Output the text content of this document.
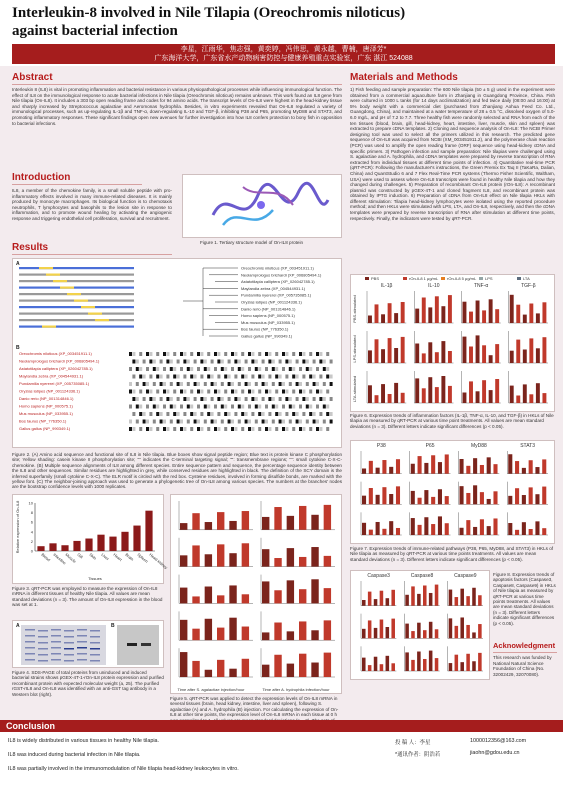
Interleukin-8 involved in Nile Tilapia (Oreochromis niloticus)
against bacterial infection
李星，江雨华，焦志强，黄奕婷，冯伟思，黄永越，曹楠，唐泽芳*
广东海洋大学，广东省水产动物病害防控与健康养殖重点实验室，广东 湛江 524088
Abstract
Interleukin 8 (IL8) is vital in promoting inflammation and bacterial resistance in various physiopathological processes while influencing immunological function. The effect of IL8 on the immunological response to acute bacterial infections in Nile tilapia (Oreochromis niloticus) remains unknown. This work found an IL8 gene from Nile tilapia (On-IL8). It includes a 303 bp open reading frame and codes for 94 amino acids. The transcript levels of On-IL8 were highest in the head-kidney tissue and sharply increased by Streptococcus agalactiae and Aeromonas hydrophila. Besides, in vitro experiments revealed that On-IL8 regulated a variety of immunological processes, such as up-regulating IL-1β and TNF-α, down-regulating IL-10 and TGF-β, inhibiting P38 and P65, promoting MyD88 and STAT3, and promoting inflammatory responses. These significant findings open new avenues for further investigation into how IL8 confers protection to bony fish in opposition to bacterial infections.
Introduction
IL8, a member of the chemokine family, is a small soluble peptide with pro-inflammatory effects involved in many immune-related diseases. It is mainly produced by monocyte macrophages. Its biological function is to chemotaxis neutrophils, T lymphocytes and basophils to the lesion site in response to inflammation, and to promote wound healing by activating the angiogenic response and triggering endothelial cell proliferation, survival and recruitment.
Figure 1. Tertiary structure model of On-IL8 protein
Results
A
Oreochromis niloticus (XP_003451911.1)
Neolamprologus brichardi (XP_006805494.1)
Astatotilapia calliptera (XP_026042785.1)
Maylandia zebra (XP_004544931.1)
Pundamilia nyererei (XP_005735085.1)
Oryzias latipes (NP_001124336.1)
Danio rerio (NP_001314846.1)
Homo sapiens (NP_000575.1)
Mus musculus (NP_033955.1)
Bos taurus (NP_776350.1)
Gallus gallus (NP_990349.1)
B
Oreochromis niloticus (XP_003451911.1)
Neolamprologus brichardi (XP_006805494.1)
Astatotilapia calliptera (XP_026042785.1)
Maylandia zebra (XP_004544931.1)
Pundamilia nyererei (XP_005735085.1)
Oryzias latipes (NP_001124336.1)
Danio rerio (NP_001314846.1)
Homo sapiens (NP_000575.1)
Mus musculus (NP_033955.1)
Bos taurus (NP_776350.1)
Gallus gallus (NP_990349.1)
Figure 2. (A) Amino acid sequence and functional site of IL8 in Nile tilapia. Blue boxes show signal peptide region; Blue text is protein kinase C phosphorylation site; Yellow shading: casein kinase II phosphorylation site; "" indicates the C-terminal targeting signal; "": transmembrane regions; "": small cytokine C-X-C-chemokine. (B) Multiple sequence alignments of IL8 among different species. Entire sequence pattern and sequence, the percentage sequence identity between the IL8 and other sequences. Similar residues are highlighted in grey, while conserved residues are highlighted in black. The definition of the SCY domain is the inferred superfamily (small cytokine C-X-C). The ELR motif is circled with the red box. Cysteine residues, involved in forming disulfide bonds, are marked with the yellow font. (C) The neighbor-joining approach was used to generate a phylogenetic tree of On-IL8 among various species. The numbers at the branches' nodes are the bootstrap confidence levels with 1000 replicates.
0
2
4
6
8
10
Blood Intestine
Muscle Gill Skin Liver Heart Brain Spleen Head kidney
Relative expression of On-IL8
Tissues
Figure 3. qRT-PCR was employed to measure the expression of On-IL8 mRNA in different tissues of healthy Nile tilapia. All values are mean standard deviations (n = 3). The amount of On-IL8 expression in the blood was set at 1.
A	B
Figure 4. SDS-PAGE of total proteins from uninduced and induced bacterial strains shows pGEX-4T-1-rOn-IL8 protein expression and purified recombinant protein with expected molecular weight (a, 25). The purified rGST-rIL8 and On-IL8 was identified with an anti-GST tag antibody in a Western blot (right).
Time after S. agalactiae injection/hour	Time after A. hydrophila infection/hour
Figure 5. qRT-PCR was applied to detect the expression levels of On-IL8 mRNA in several tissues (brain, head kidney, intestine, liver and spleen), following S. agalactiae (A) and A. hydrophila (B) injection. For calculating the expression of On-IL8 at other time points, the expression level of On-IL8 mRNA in each tissue at 0 h
Materials and Methods
1) Fish feeding and sample preparation: The 600 Nile tilapia (50 ± 5 g) used in the experiment were obtained from a commercial aquaculture farm in Zhanjiang in Guangdong Province, China. Fish were cultured in 1000 L tanks (for 14 days acclimatization) and fed twice daily (08:00 and 16:00) at 5% body weight with a commercial diet (purchased from Zhanjiang Aohua Feed Co. Ltd., Guangdong, China), and maintained at a water temperature of 28 ± 0.5 °C, dissolved oxygen of 5.0-6.0 mg/L, and pH of 7.2 to 7.7. Three healthy fish were randomly selected and RNA from each of the ten tissues (blood, brain, gill, head-kidney, heart, intestine, liver, muscle, skin and spleen) was extracted to prepare cDNA templates. 2) Cloning and sequence analysis of On-IL8: The NCBI Primer designing tool was used to select all the primers utilized in this research. The predicted gene sequence of On-IL8 was acquired from NCBI (XM_003451911.2), and the polymerase chain reaction (PCR) was used to amplify the open reading frame (ORF) sequence using head-kidney cDNA and specific primers. 3) Pathogen infection and sample preparation: Nile tilapias were challenged using S. agalactiae and A. hydrophila, and cDNA templates were prepared by reverse transcription of RNA extracted from individual tissues at different time points of infection. 4) Quantitative real-time PCR (qRT-PCR): Following the manufacturer's instructions, the Green Premix Ex Taq II (TaKaRa, Dalian, China) and QuantStudio 6 and 7 Flex Real-Time PCR systems (Thermo Fisher Scientific, Waltham, USA) were used to assess where On-IL8 transcripts were found in healthy Nile tilapia and how they changed during challenges. 5) Preparation of recombinant On-IL8 protein (rOn-IL8): A recombinant plasmid was constructed by pGEX-4T-1 and cloned fragment IL8, and recombinant protein was obtained by IPTG induction. 6) Preparation of cDNA from On-IL8 effect on Nile tilapia HKLs with different stimulation: Tilapia head-kidney lymphocytes were isolated using the reported procedure method; and then HKLs were stimulated with LPS, LTA, and On-IL8, respectively, and then the cDNA templates were prepared by reverse transcription of RNA after stimulation at different time points, respectively. Finally, the indicators were tested by qRT-PCR.
PBS	rOn-IL8 1 μg/mL rOn-IL8 5 μg/mL LPS	LTA
IL-1β	IL-10	TNF-α	TGF-β
PBS-stimulated
LPS-stimulated
LTA-stimulated
Figure 6. Expression trends of inflammation factors (IL-1β, TNF-α, IL-10, and TGF-β) in HKLs of Nile tilapia as measured by qRT-PCR at various time point treatments. All values are mean standard deviations (n = 3). Different letters indicate significant differences (p < 0.05).
P38	P65	MyD88	STAT3
Figure 7. Expression trends of immune-related pathways (P38, P65, MyD88, and STAT3) in HKLs of Nile tilapia as measured by qRT-PCR at various time points treatments. All values are mean standard deviations (n = 3). Different letters indicate significant differences (p < 0.05).
Caspase3	Caspase8	Caspase9	Figure 8. Expression trends of apoptosis factors (Caspase3, Caspase8, Caspase9) in HKLs of Nile tilapia as measured by qRT-PCR at various time points treatments. All values are mean standard deviations (n = 3). Different letters indicate significant differences (p < 0.05).
Acknowledgment
This research was funded by National Natural Science Foundation of China (No. 32002429, 32070080).
Conclusion
IL8 is widely distributed in various tissues in healthy Nile tilapia.
IL8 was induced during bacterial infection in Nile tilapia.
IL8 was partially involved in the immunomodulation of Nile tilapia head-kidney leukocytes in vitro.
投 稿 人：李星	1000012356@163.com
*通讯作者：阴浩若	jiaohn@gdou.edu.cn
